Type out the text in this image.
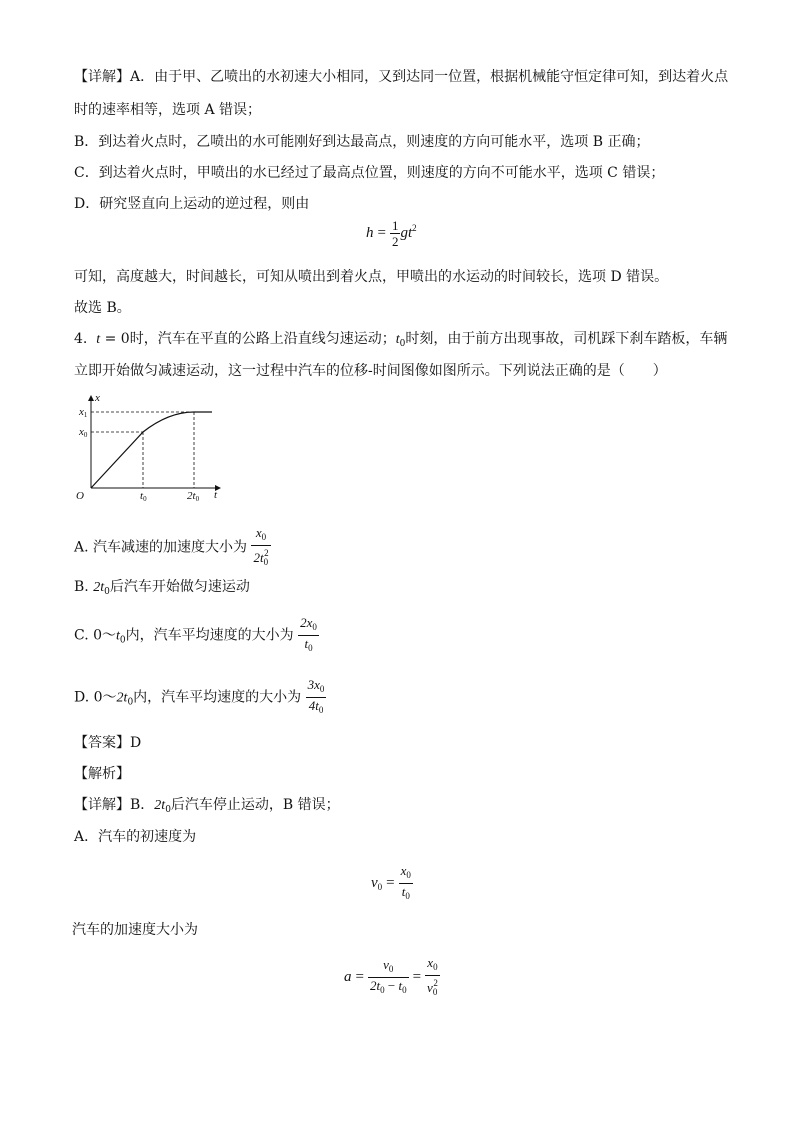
【详解】A．由于甲、乙喷出的水初速大小相同，又到达同一位置，根据机械能守恒定律可知，到达着火点
时的速率相等，选项 A 错误；
B．到达着火点时，乙喷出的水可能刚好到达最高点，则速度的方向可能水平，选项 B 正确；
C．到达着火点时，甲喷出的水已经过了最高点位置，则速度的方向不可能水平，选项 C 错误；
D．研究竖直向上运动的逆过程，则由
$h = \frac{1}{2} gt^2$
可知，高度越大，时间越长，可知从喷出到着火点，甲喷出的水运动的时间较长，选项 D 错误。
故选 B。
4. t = 0时，汽车在平直的公路上沿直线匀速运动；$t_0$时刻，由于前方出现事故，司机踩下刹车踏板，车辆
立即开始做匀减速运动，这一过程中汽车的位移-时间图像如图所示。下列说法正确的是（　　）
x
t
O
x1
x0
t0	2t0
A. 汽车减速的加速度大小为 $\frac{x_0}{2t_0^2}$
B. $2t_0$后汽车开始做匀速运动
C. $0\sim t_0$内，汽车平均速度的大小为 $\frac{2x_0}{t_0}$
D. $0\sim 2t_0$内，汽车平均速度的大小为 $\frac{3x_0}{4t_0}$
【答案】D
【解析】
【详解】B．$2t_0$后汽车停止运动，B 错误；
A．汽车的初速度为
$v_0 = \frac{x_0}{t_0}$
汽车的加速度大小为
$a = \frac{v_0}{2t_0 - t_0} = \frac{x_0}{v_0^2}$
